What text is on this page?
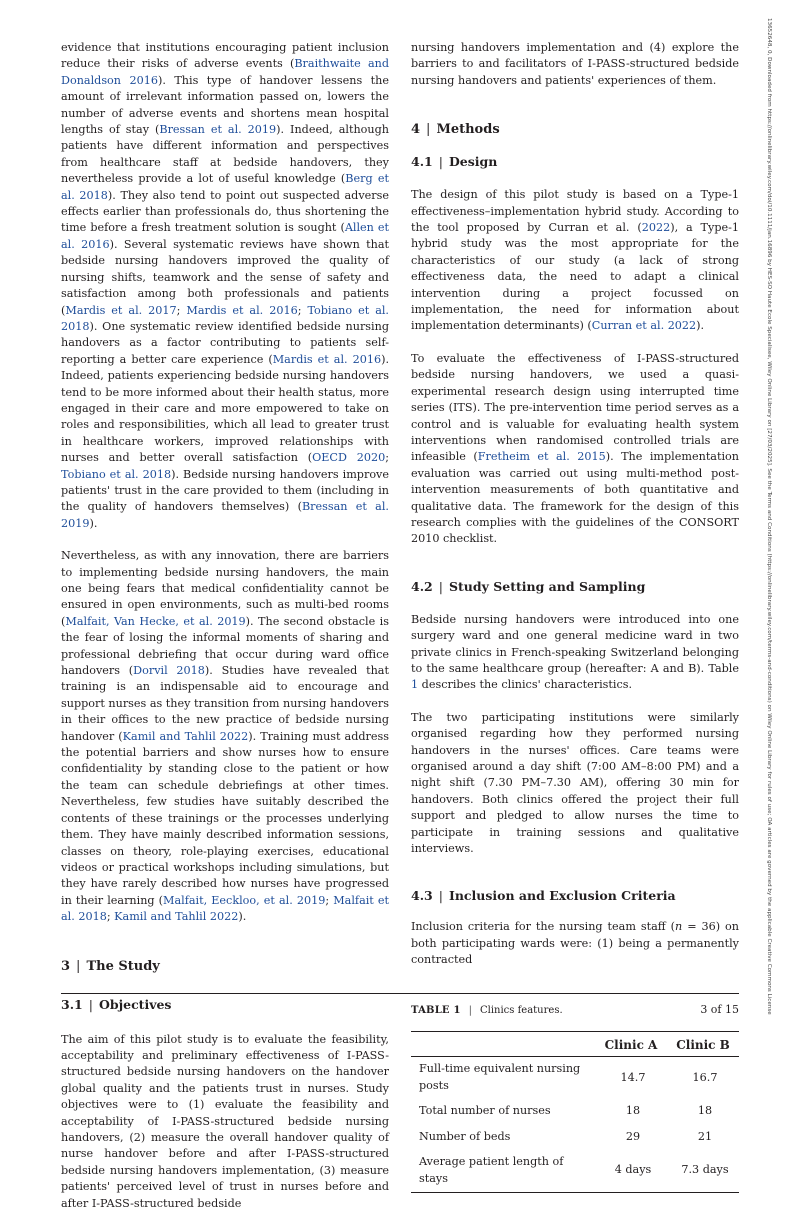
evidence that institutions encouraging patient inclusion reduce their risks of adverse events (Braithwaite and Donaldson 2016). This type of handover lessens the amount of irrelevant information passed on, lowers the number of adverse events and shortens mean hospital lengths of stay (Bressan et al. 2019). Indeed, although patients have different information and perspectives from healthcare staff at bedside handovers, they nevertheless provide a lot of useful knowledge (Berg et al. 2018). They also tend to point out suspected adverse effects earlier than professionals do, thus shortening the time before a fresh treatment solution is sought (Allen et al. 2016). Several systematic reviews have shown that bedside nursing handovers improved the quality of nursing shifts, teamwork and the sense of safety and satisfaction among both professionals and patients (Mardis et al. 2017; Mardis et al. 2016; Tobiano et al. 2018). One systematic review identified bedside nursing handovers as a factor contributing to patients self-reporting a better care experience (Mardis et al. 2016). Indeed, patients experiencing bedside nursing handovers tend to be more informed about their health status, more engaged in their care and more empowered to take on roles and responsibilities, which all lead to greater trust in healthcare workers, improved relationships with nurses and better overall satisfaction (OECD 2020; Tobiano et al. 2018). Bedside nursing handovers improve patients' trust in the care provided to them (including in the quality of handovers themselves) (Bressan et al. 2019).

Nevertheless, as with any innovation, there are barriers to implementing bedside nursing handovers, the main one being fears that medical confidentiality cannot be ensured in open environments, such as multi-bed rooms (Malfait, Van Hecke, et al. 2019). The second obstacle is the fear of losing the informal moments of sharing and professional debriefing that occur during ward office handovers (Dorvil 2018). Studies have revealed that training is an indispensable aid to encourage and support nurses as they transition from nursing handovers in their offices to the new practice of bedside nursing handover (Kamil and Tahlil 2022). Training must address the potential barriers and show nurses how to ensure confidentiality by standing close to the patient or how the team can schedule debriefings at other times. Nevertheless, few studies have suitably described the contents of these trainings or the processes underlying them. They have mainly described information sessions, classes on theory, role-playing exercises, educational videos or practical workshops including simulations, but they have rarely described how nurses have progressed in their learning (Malfait, Eeckloo, et al. 2019; Malfait et al. 2018; Kamil and Tahlil 2022).

3 | The Study
3.1 | Objectives

The aim of this pilot study is to evaluate the feasibility, acceptability and preliminary effectiveness of I-PASS-structured bedside nursing handovers on the handover global quality and the patients trust in nurses. Study objectives were to (1) evaluate the feasibility and acceptability of I-PASS-structured bedside nursing handovers, (2) measure the overall handover quality of nurse handover before and after I-PASS-structured bedside nursing handovers implementation, (3) measure patients' perceived level of trust in nurses before and after I-PASS-structured bedside

nursing handovers implementation and (4) explore the barriers to and facilitators of I-PASS-structured bedside nursing handovers and patients' experiences of them.

4 | Methods
4.1 | Design

The design of this pilot study is based on a Type-1 effectiveness–implementation hybrid study. According to the tool proposed by Curran et al. (2022), a Type-1 hybrid study was the most appropriate for the characteristics of our study (a lack of strong effectiveness data, the need to adapt a clinical intervention during a project focussed on implementation, the need for information about implementation determinants) (Curran et al. 2022).

To evaluate the effectiveness of I-PASS-structured bedside nursing handovers, we used a quasi-experimental research design using interrupted time series (ITS). The pre-intervention time period serves as a control and is valuable for evaluating health system interventions when randomised controlled trials are infeasible (Fretheim et al. 2015). The implementation evaluation was carried out using multi-method post-intervention measurements of both quantitative and qualitative data. The framework for the design of this research complies with the guidelines of the CONSORT 2010 checklist.

4.2 | Study Setting and Sampling

Bedside nursing handovers were introduced into one surgery ward and one general medicine ward in two private clinics in French-speaking Switzerland belonging to the same healthcare group (hereafter: A and B). Table 1 describes the clinics' characteristics.

The two participating institutions were similarly organised regarding how they performed nursing handovers in the nurses' offices. Care teams were organised around a day shift (7:00 AM–8:00 PM) and a night shift (7.30 PM–7.30 AM), offering 30 min for handovers. Both clinics offered the project their full support and pledged to allow nurses the time to participate in training sessions and qualitative interviews.

4.3 | Inclusion and Exclusion Criteria

Inclusion criteria for the nursing team staff (n = 36) on both participating wards were: (1) being a permanently contracted

TABLE 1 | Clinics features.

	Clinic A	Clinic B
Full-time equivalent nursing posts	14.7	16.7
Total number of nurses	18	18
Number of beds	29	21
Average patient length of stays	4 days	7.3 days
3 of 15	13652648, 0, Downloaded from https://onlinelibrary.wiley.com/doi/10.1111/jan.16896 by HES-SO Haute Ecole Specialisee, Wiley Online Library on [27/03/2025]. See the Terms and Conditions (https://onlinelibrary.wiley.com/terms-and-conditions) on Wiley Online Library for rules of use; OA articles are governed by the applicable Creative Commons License
